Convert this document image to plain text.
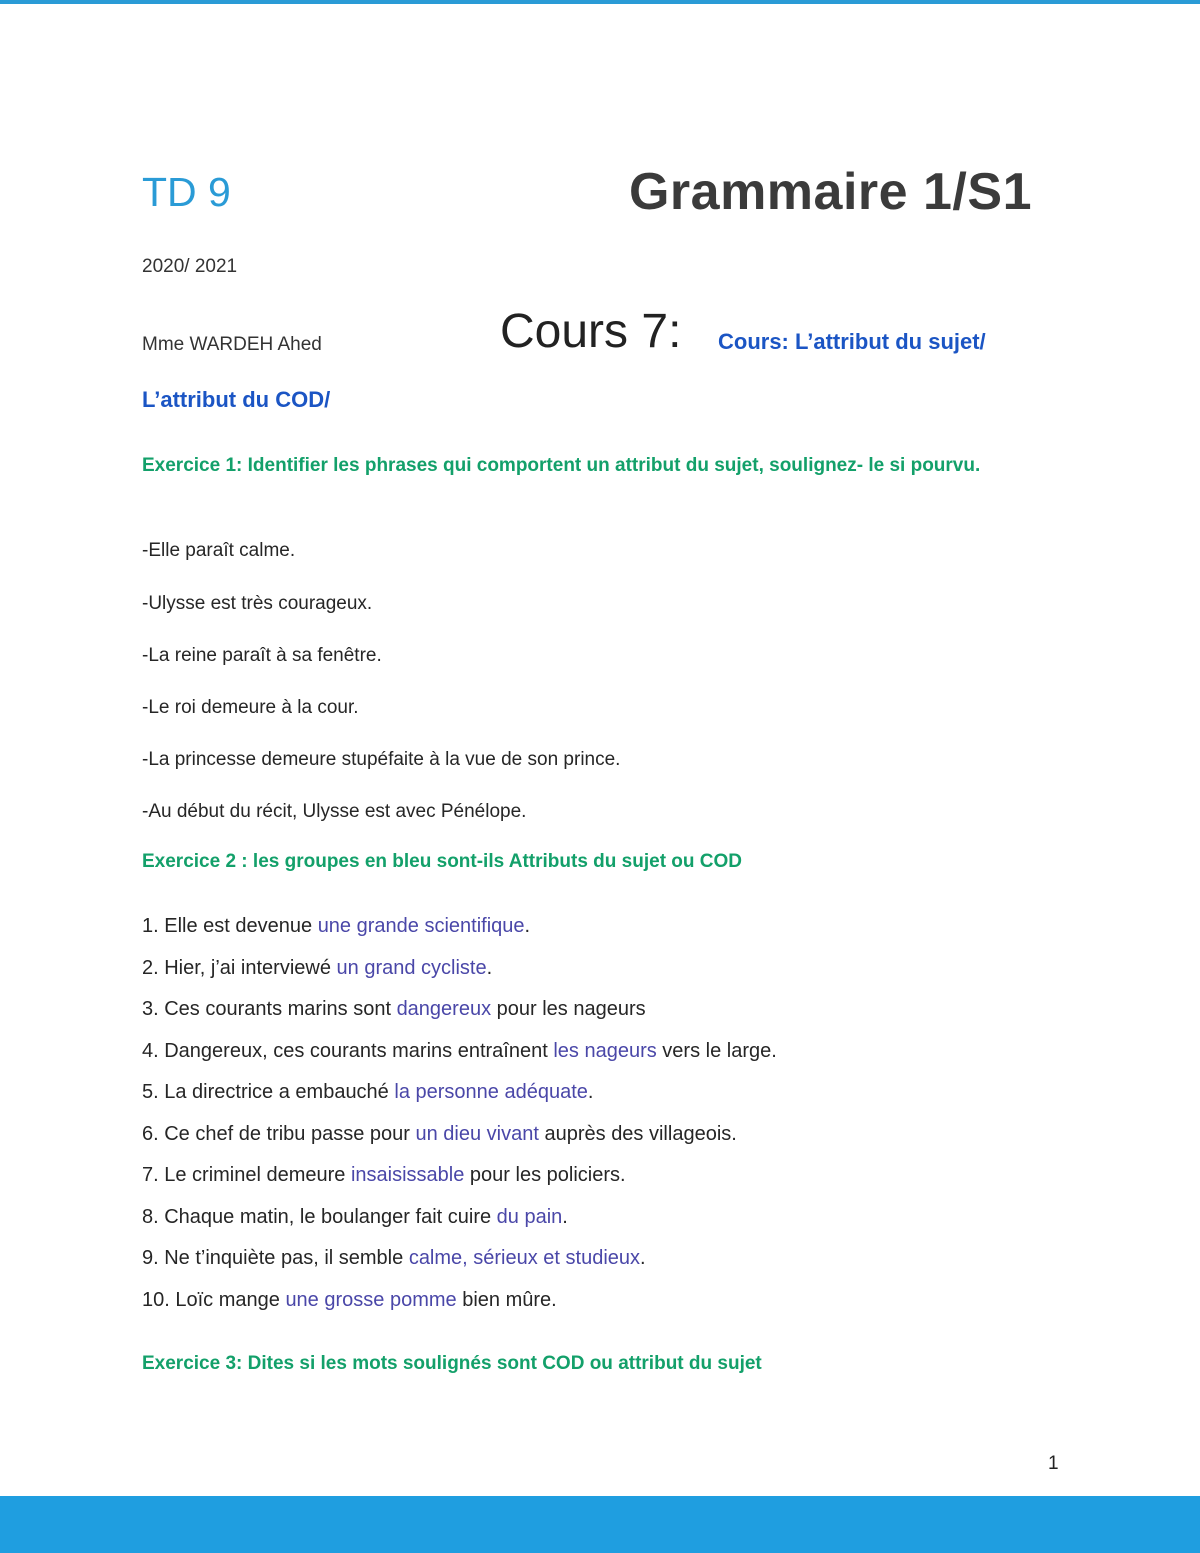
TD 9	Grammaire 1/S1

2020/ 2021

Mme WARDEH Ahed	Cours 7: Cours: L’attribut du sujet/

L’attribut du COD/

Exercice 1: Identifier les phrases qui comportent un attribut du sujet, soulignez- le si pourvu.

-Elle paraît calme.

-Ulysse est très courageux.

-La reine paraît à sa fenêtre.

-Le roi demeure à la cour.

-La princesse demeure stupéfaite à la vue de son prince.

-Au début du récit, Ulysse est avec Pénélope.

Exercice 2 : les groupes en bleu sont-ils Attributs du sujet ou COD

1. Elle est devenue une grande scientifique.
2. Hier, j’ai interviewé un grand cycliste.
3. Ces courants marins sont dangereux pour les nageurs
4. Dangereux, ces courants marins entraînent les nageurs vers le large.
5. La directrice a embauché la personne adéquate.
6. Ce chef de tribu passe pour un dieu vivant auprès des villageois.
7. Le criminel demeure insaisissable pour les policiers.
8. Chaque matin, le boulanger fait cuire du pain.
9. Ne t’inquiète pas, il semble calme, sérieux et studieux.
10. Loïc mange une grosse pomme bien mûre.

Exercice 3: Dites si les mots soulignés sont COD ou attribut du sujet

1
